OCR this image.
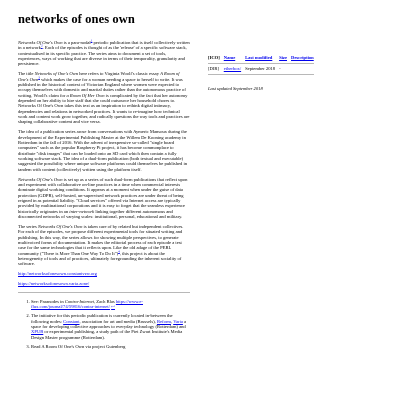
networks of ones own

Networks Of One's Own is a para-nodal$^1$ periodic publication that is itself collectively written in a network$^2$. Each of the episodes is thought of as the 'release' of a specific software stack, contextualised in its specific practice. The series aims to document a set of tools, experiences, ways of working that are diverse in terms of their temporality, granularity and persistence.

The title Networks of One's Own here refers to Virginia Woolf's classic essay A Room of One's Own$^3$ which makes the case for a woman needing a space to herself to write. It was published in the historical context of Victorian England where women were expected to occupy themselves with domestic and marital duties rather than the autonomous practice of writing. Woolf's claim for a Room Of Her Own is complicated by the fact that her autonomy depended on her ability to hire staff that she could outsource her household chores to. Networks Of One's Own takes this text as an inspiration to rethink digital intimacy, dependencies and relations in networked practices. It wants to re-imagine how technical work and content work grow together, and radically questions the way tools and practices are shaping collaborative content and vice versa.

The idea of a publication series arose from conversations with Aymeric Mansoux during the development of the Experimental Publishing Master at the Willem De Kooning academy in Rotterdam in the fall of 2016. With the advent of inexpensive so-called "single board computers" such as the popular Raspberry Pi project, it has become commonplace to distribute "disk images" that can be loaded onto an SD card which then contain a fully working software stack. The idea of a dual-form publication (both textual and executable) suggested the possibility where unique software platforms could themselves be published in tandem with content (collectively) written using the platform itself.

Networks Of One's Own is set up as a series of such dual-form publications that reflect upon and experiment with collaborative on-line practices in a time when commercial interests dominate digital working conditions. It appears at a moment when under the guise of data protection (GDPR), self-hosted, un-supervised network practices are under threat of being reigned in as potential liability. "Cloud services" offered via Internet access are typically provided by multinational corporations and it is easy to forget that the seamless experience historically originates in an inter-network linking together different autonomous and disconnected networks of varying scales: institutional, personal, educational and military.

The series Networks Of One's Own is taken care of by related but independent collectives. For each of the episodes, we propose different experimental tools for situated writing and publishing. In this way, the series allows for showing multiple perspectives, to generate multivoiced forms of documentation. It makes the editorial process of each episode a test case for the same technologies that it reflects upon. Like the old adage of the PERL community ("There is More Than One Way To Do It")$^4$, this project is about the heterogeneity of tools and of practices, ultimately foregrounding the inherent sociality of software.

http://networksofonesown.constantvzw.org

https://networksofonesown.varia.zone/

1. See: Paranodes in Contra-Internet, Zach Blas https://www.e-flux.com/journal/74/59816/contra-internet/ ↩
2. The initiative for this periodic publication is currently located in-between the following nodes: Constant, association for art and media (Brussels), Reform, Varia a space for developing collective approaches to everyday technology (Rotterdam) and XPUB or experimental publishing, a study path of the Piet Zwart Institute's Media Design Master programme (Rotterdam).
3. Read A Room Of One's Own via project Gutenberg
[ICO]	Name	Last modified	Size	Description

[DIR]	etherbox/	September 2018	-	

Last updated September 2018
